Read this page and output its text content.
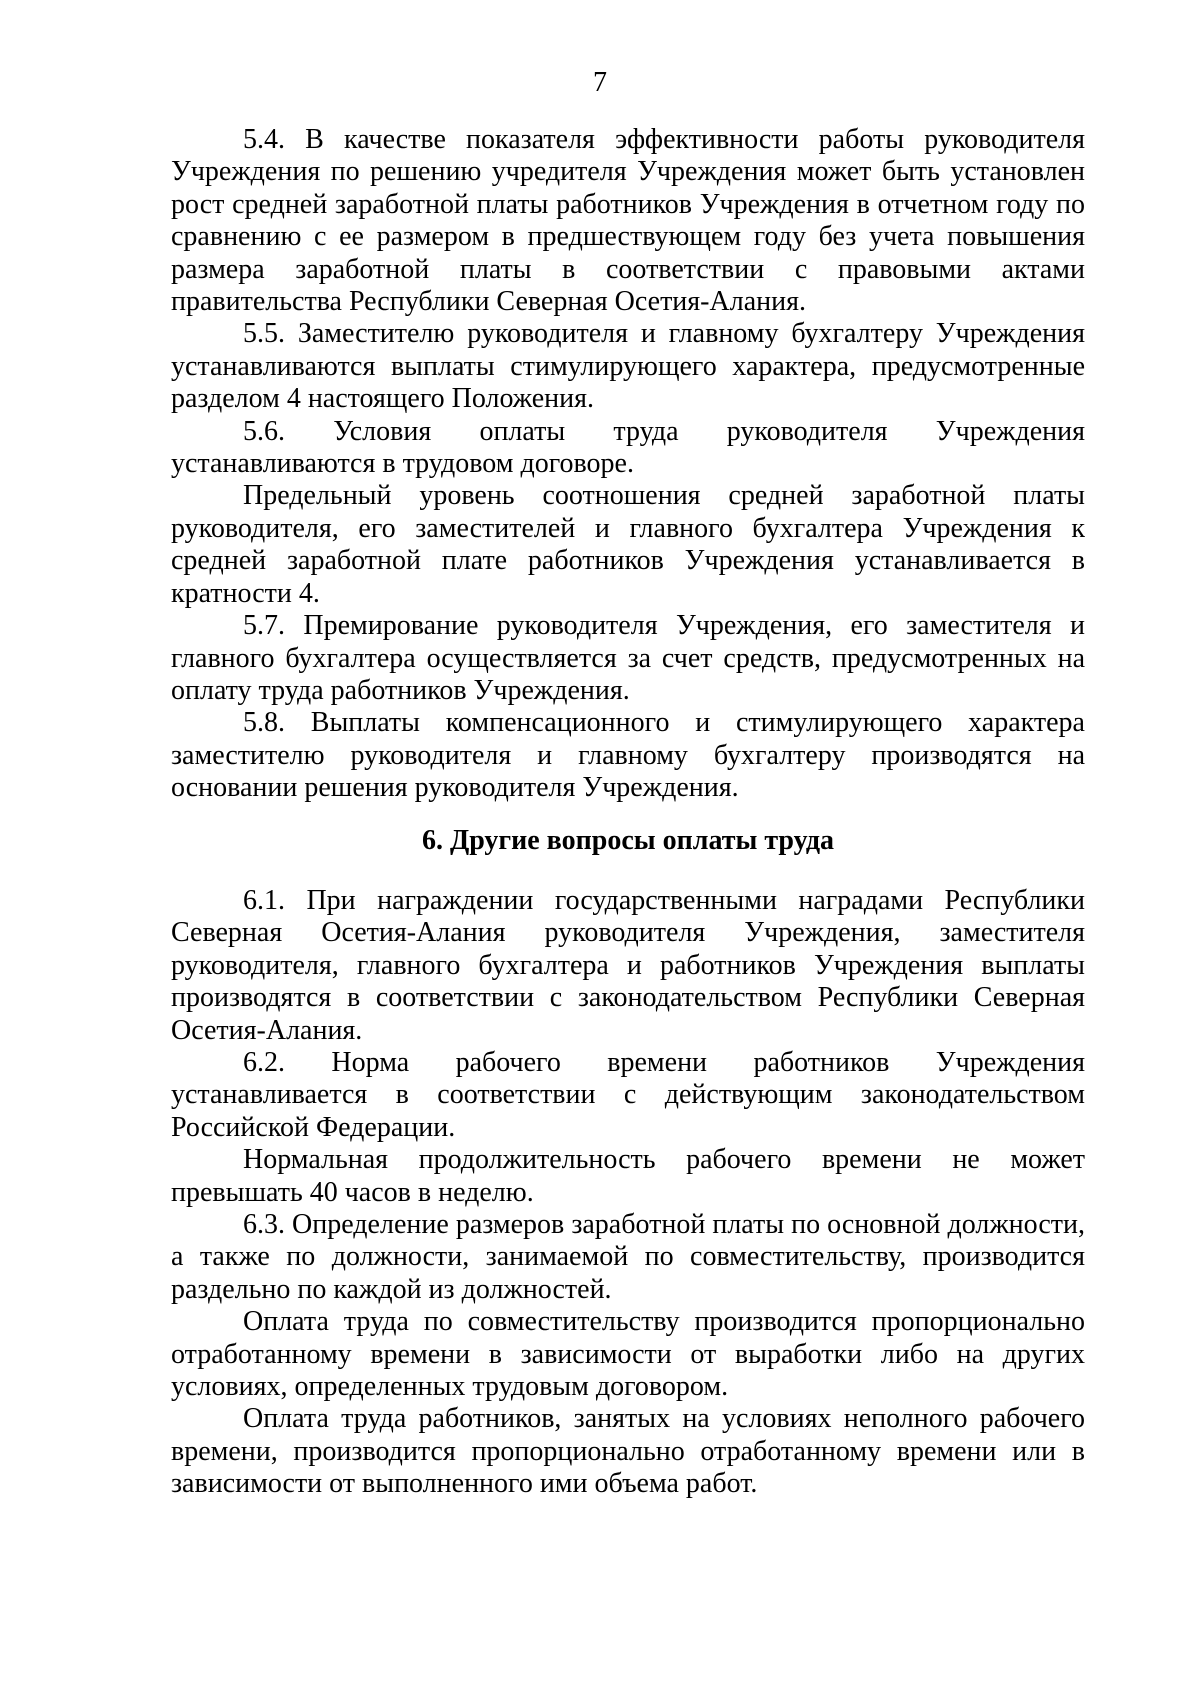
7

5.4. В качестве показателя эффективности работы руководителя Учреждения по решению учредителя Учреждения может быть установлен рост средней заработной платы работников Учреждения в отчетном году по сравнению с ее размером в предшествующем году без учета повышения размера заработной платы в соответствии с правовыми актами правительства Республики Северная Осетия-Алания.

5.5. Заместителю руководителя и главному бухгалтеру Учреждения устанавливаются выплаты стимулирующего характера, предусмотренные разделом 4 настоящего Положения.

5.6. Условия оплаты труда руководителя Учреждения устанавливаются в трудовом договоре.

Предельный уровень соотношения средней заработной платы руководителя, его заместителей и главного бухгалтера Учреждения к средней заработной плате работников Учреждения устанавливается в кратности 4.

5.7. Премирование руководителя Учреждения, его заместителя и главного бухгалтера осуществляется за счет средств, предусмотренных на оплату труда работников Учреждения.

5.8. Выплаты компенсационного и стимулирующего характера заместителю руководителя и главному бухгалтеру производятся на основании решения руководителя Учреждения.

6. Другие вопросы оплаты труда

6.1. При награждении государственными наградами Республики Северная Осетия-Алания руководителя Учреждения, заместителя руководителя, главного бухгалтера и работников Учреждения выплаты производятся в соответствии с законодательством Республики Северная Осетия-Алания.

6.2. Норма рабочего времени работников Учреждения устанавливается в соответствии с действующим законодательством Российской Федерации.

Нормальная продолжительность рабочего времени не может превышать 40 часов в неделю.

6.3. Определение размеров заработной платы по основной должности, а также по должности, занимаемой по совместительству, производится раздельно по каждой из должностей.

Оплата труда по совместительству производится пропорционально отработанному времени в зависимости от выработки либо на других условиях, определенных трудовым договором.

Оплата труда работников, занятых на условиях неполного рабочего времени, производится пропорционально отработанному времени или в зависимости от выполненного ими объема работ.
